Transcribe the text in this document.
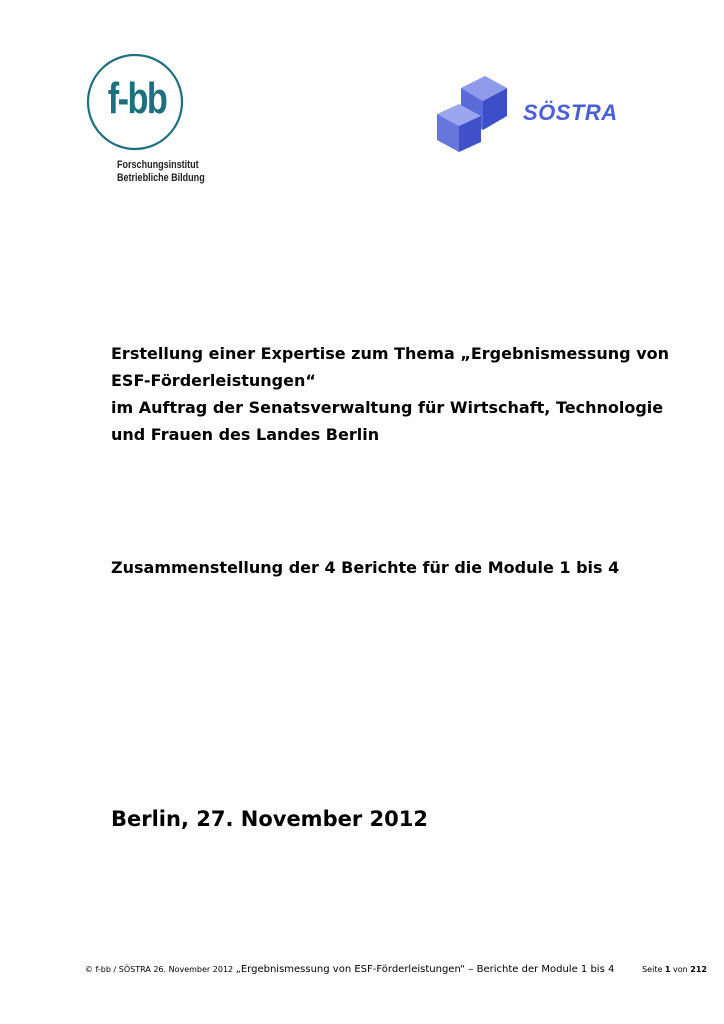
f-bb
Forschungsinstitut
Betriebliche Bildung
SÖSTRA
Erstellung einer Expertise zum Thema „Ergebnismessung von
ESF-Förderleistungen“
im Auftrag der Senatsverwaltung für Wirtschaft, Technologie
und Frauen des Landes Berlin
Zusammenstellung der 4 Berichte für die Module 1 bis 4
Berlin, 27. November 2012
© f-bb / SÖSTRA 26. November 2012 „Ergebnismessung von ESF-Förderleistungen“ – Berichte der Module 1 bis 4	Seite 1 von 212
